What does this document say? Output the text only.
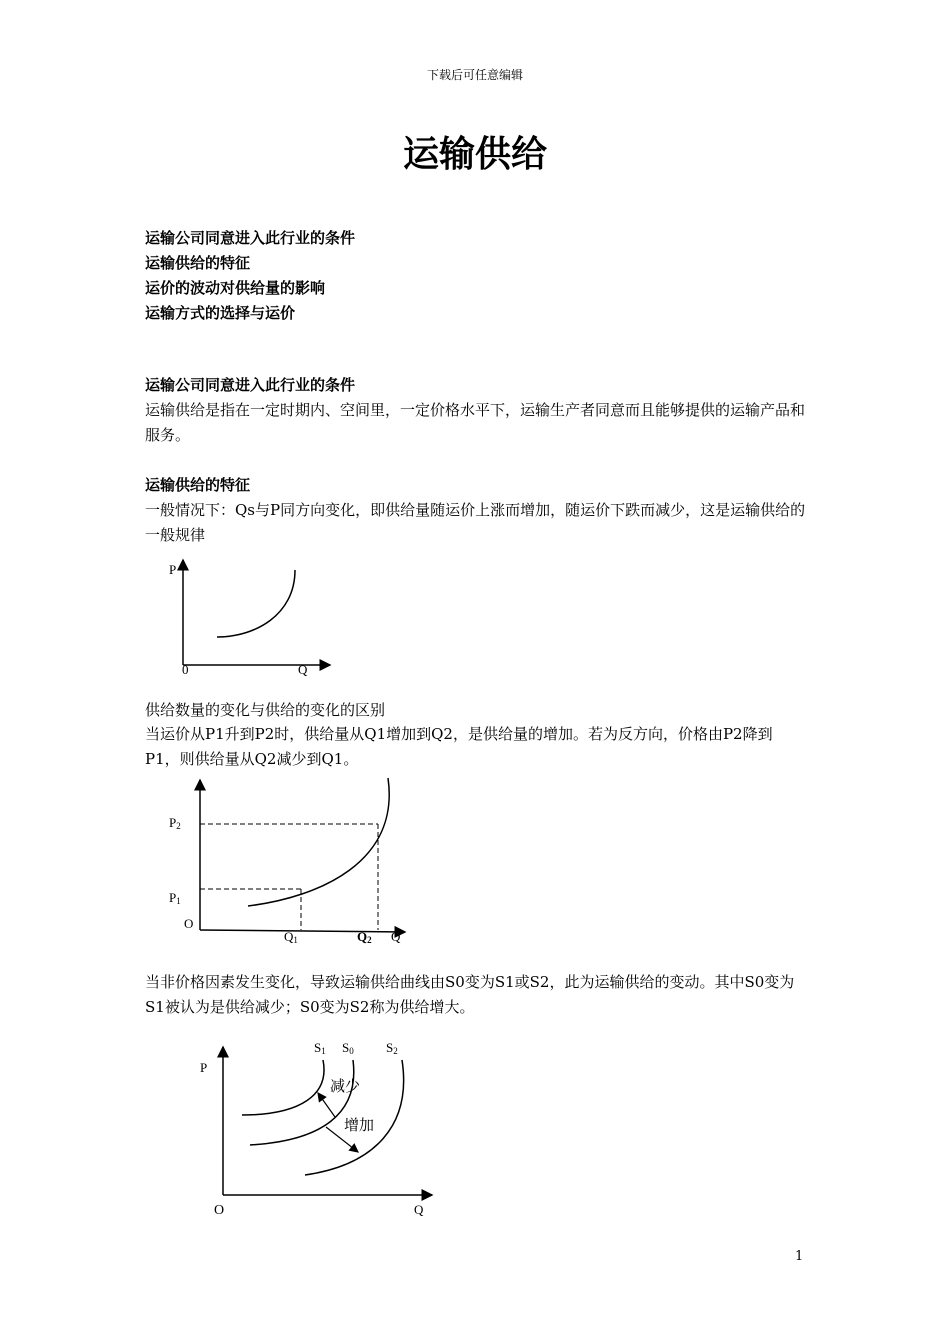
下载后可任意编辑
运输供给
运输公司同意进入此行业的条件
运输供给的特征
运价的波动对供给量的影响
运输方式的选择与运价
运输公司同意进入此行业的条件
运输供给是指在一定时期内、空间里，一定价格水平下，运输生产者同意而且能够提供的运输产品和服务。
运输供给的特征
一般情况下：Qs与P同方向变化，即供给量随运价上涨而增加，随运价下跌而减少，这是运输供给的一般规律
P
0	Q
供给数量的变化与供给的变化的区别
当运价从P1升到P2时，供给量从Q1增加到Q2，是供给量的增加。若为反方向，价格由P2降到P1，则供给量从Q2减少到Q1。
P2
P1
O
Q1	Q2 Q
当非价格因素发生变化，导致运输供给曲线由S0变为S1或S2，此为运输供给的变动。其中S0变为S1被认为是供给减少；S0变为S2称为供给增大。
P
O	Q
S1 S0 S2
减少
增加
1
